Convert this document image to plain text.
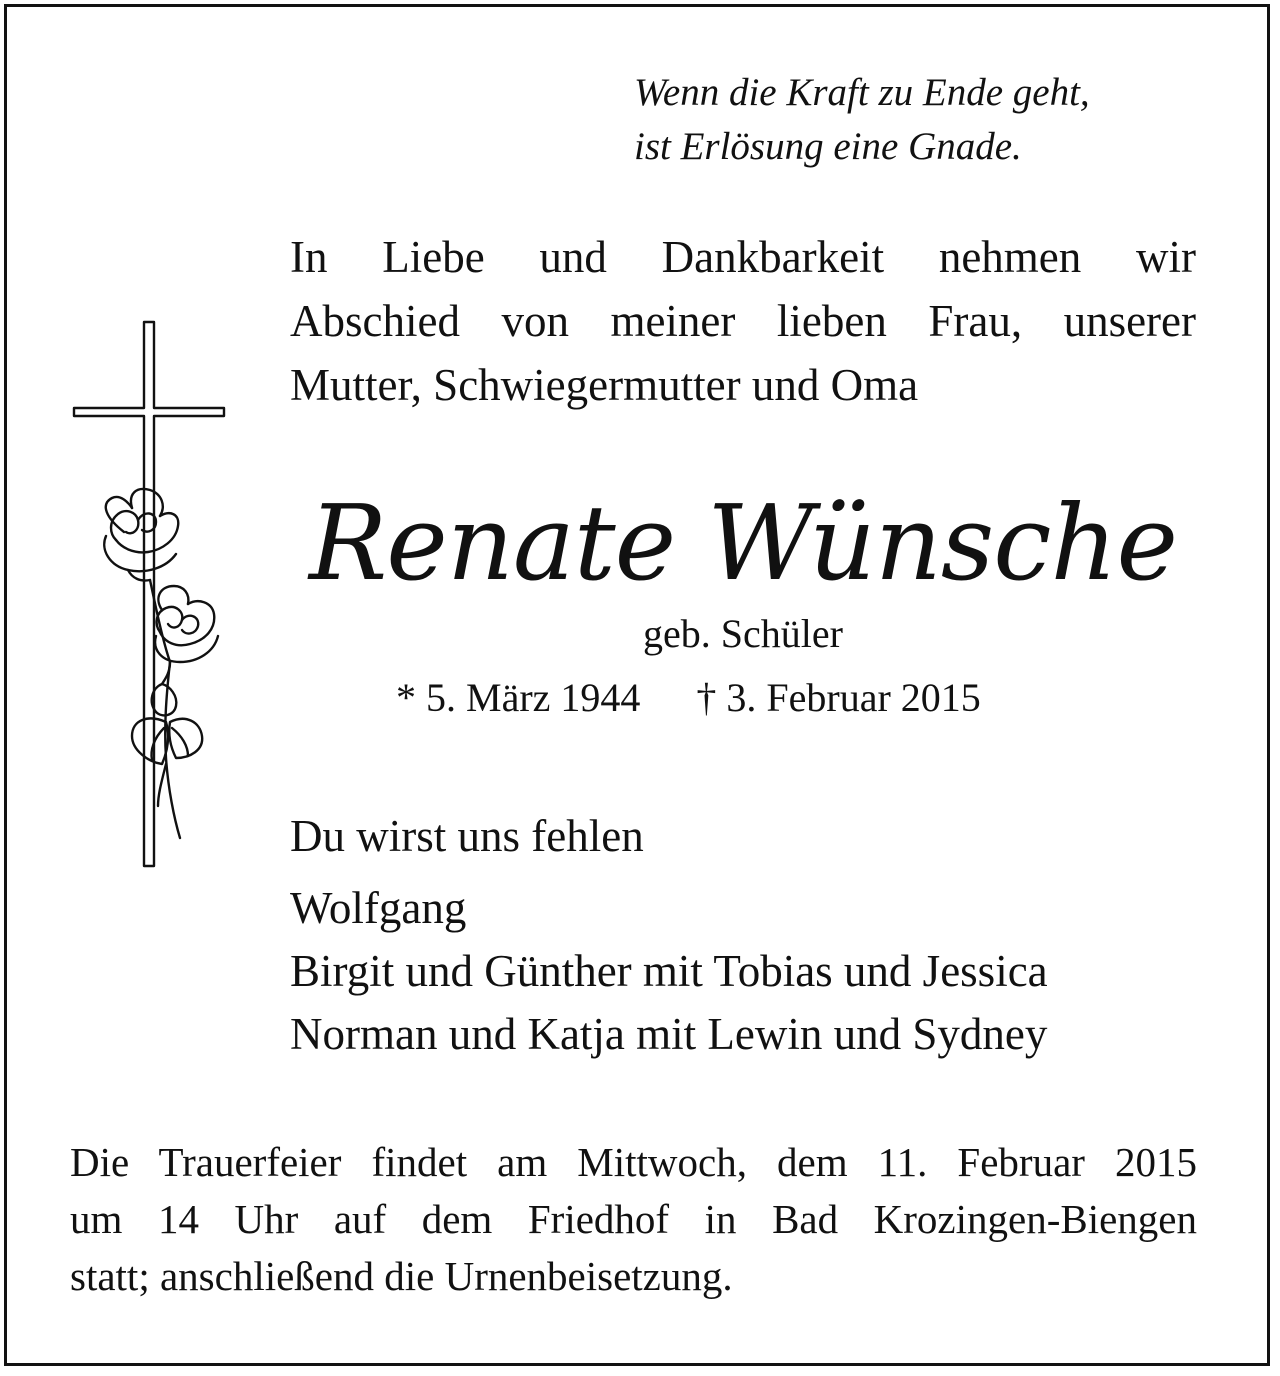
Wenn die Kraft zu Ende geht,
ist Erlösung eine Gnade.
In Liebe und Dankbarkeit nehmen wir
Abschied von meiner lieben Frau, unserer
Mutter, Schwiegermutter und Oma
Renate Wünsche
geb. Schüler
* 5. März 1944 † 3. Februar 2015
Du wirst uns fehlen
Wolfgang
Birgit und Günther mit Tobias und Jessica
Norman und Katja mit Lewin und Sydney
Die Trauerfeier findet am Mittwoch, dem 11. Februar 2015
um 14 Uhr auf dem Friedhof in Bad Krozingen-Biengen
statt; anschließend die Urnenbeisetzung.
